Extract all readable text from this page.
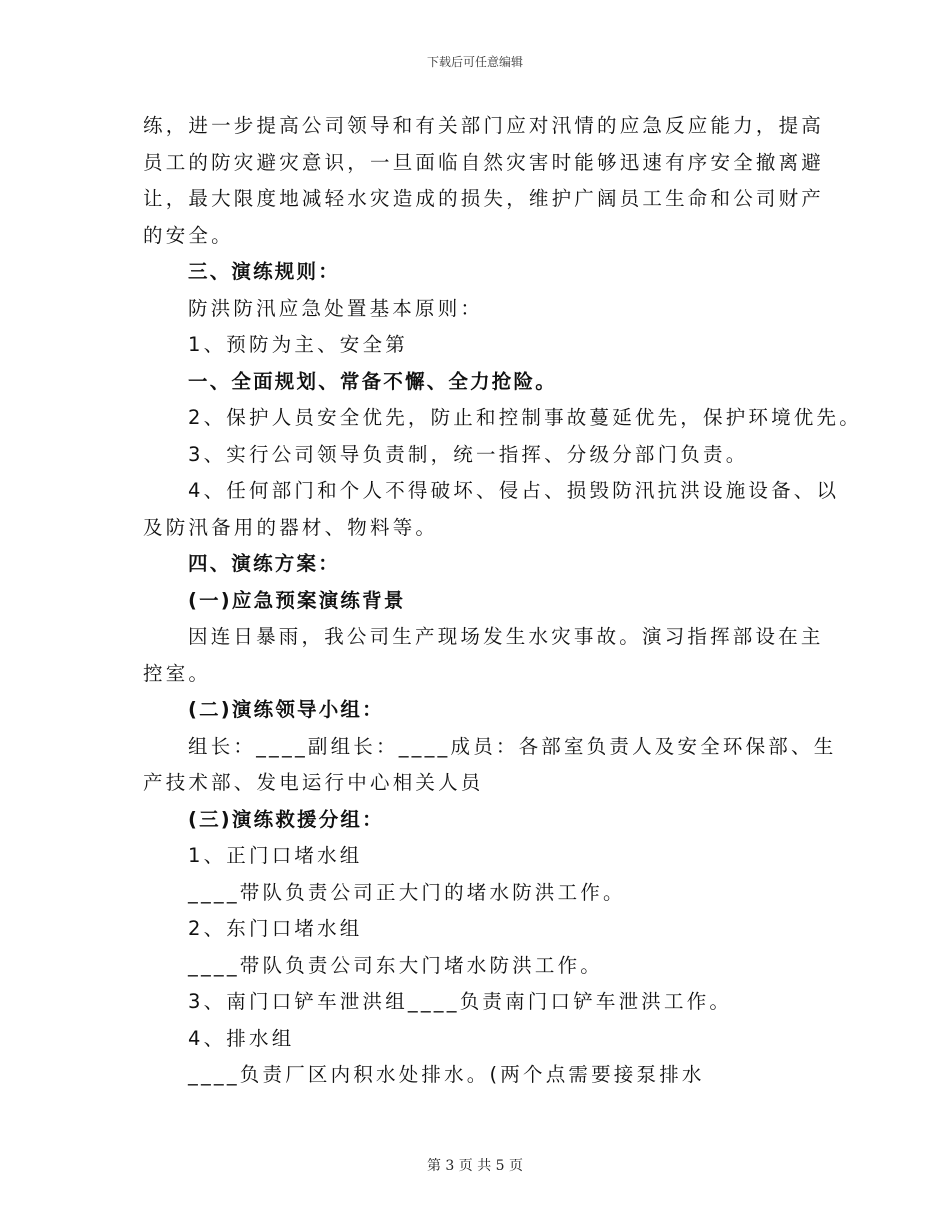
下载后可任意编辑

练，进一步提高公司领导和有关部门应对汛情的应急反应能力，提高

员工的防灾避灾意识，一旦面临自然灾害时能够迅速有序安全撤离避

让，最大限度地减轻水灾造成的损失，维护广阔员工生命和公司财产

的安全。

三、演练规则：

防洪防汛应急处置基本原则：

1、预防为主、安全第

一、全面规划、常备不懈、全力抢险。

2、保护人员安全优先，防止和控制事故蔓延优先，保护环境优先。

3、实行公司领导负责制，统一指挥、分级分部门负责。

4、任何部门和个人不得破坏、侵占、损毁防汛抗洪设施设备、以

及防汛备用的器材、物料等。

四、演练方案：

(一)应急预案演练背景

因连日暴雨，我公司生产现场发生水灾事故。演习指挥部设在主

控室。

(二)演练领导小组：

组长：____副组长：____成员：各部室负责人及安全环保部、生

产技术部、发电运行中心相关人员

(三)演练救援分组：

1、正门口堵水组

____带队负责公司正大门的堵水防洪工作。

2、东门口堵水组

____带队负责公司东大门堵水防洪工作。

3、南门口铲车泄洪组____负责南门口铲车泄洪工作。

4、排水组

____负责厂区内积水处排水。(两个点需要接泵排水

第 3 页 共 5 页
